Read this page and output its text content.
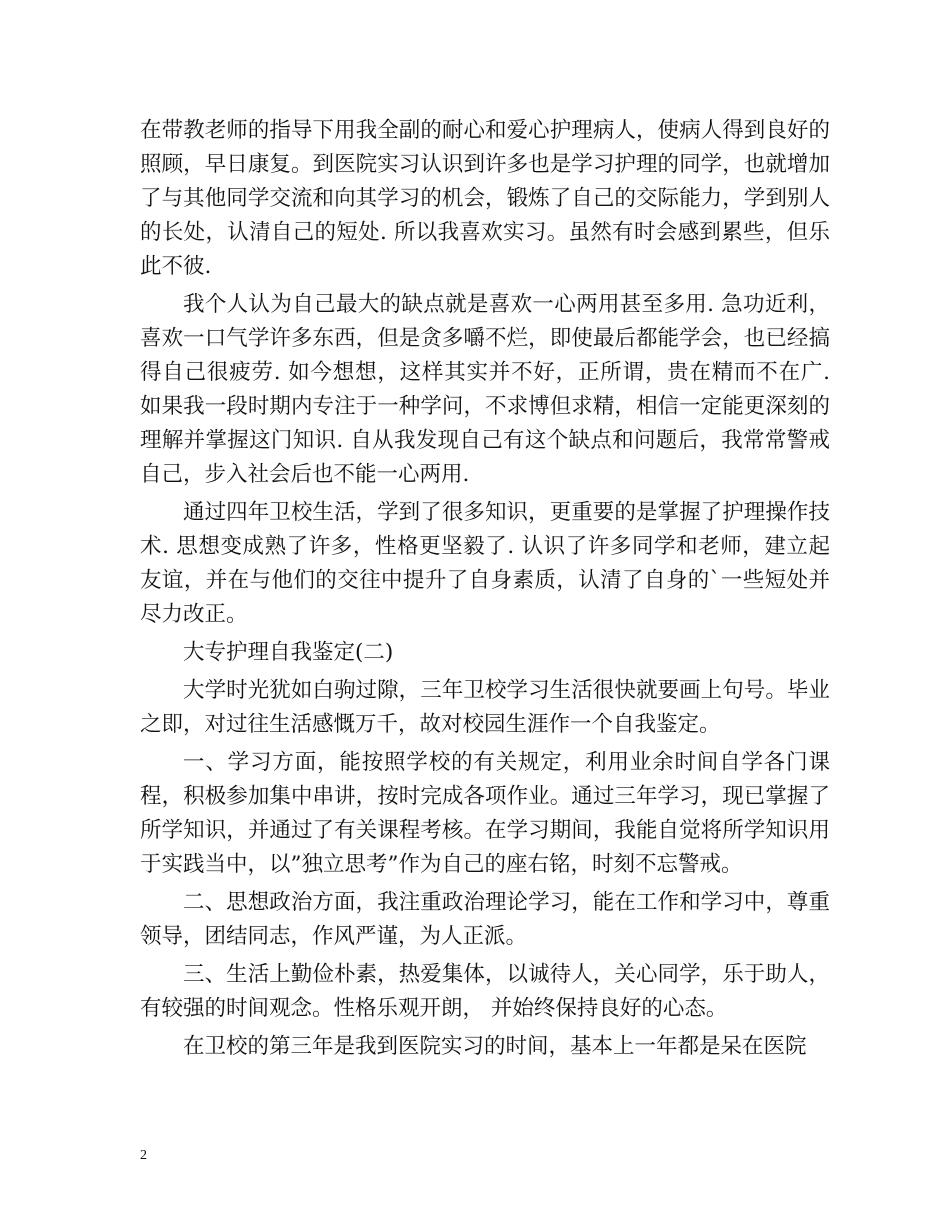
在带教老师的指导下用我全副的耐心和爱心护理病人，使病人得到良好的照顾，早日康复。到医院实习认识到许多也是学习护理的同学，也就增加了与其他同学交流和向其学习的机会，锻炼了自己的交际能力，学到别人的长处，认清自己的短处. 所以我喜欢实习。虽然有时会感到累些，但乐此不彼.

我个人认为自己最大的缺点就是喜欢一心两用甚至多用. 急功近利，喜欢一口气学许多东西，但是贪多嚼不烂，即使最后都能学会，也已经搞得自己很疲劳. 如今想想，这样其实并不好，正所谓，贵在精而不在广. 如果我一段时期内专注于一种学问，不求博但求精，相信一定能更深刻的理解并掌握这门知识. 自从我发现自己有这个缺点和问题后，我常常警戒自己，步入社会后也不能一心两用.

通过四年卫校生活，学到了很多知识，更重要的是掌握了护理操作技术. 思想变成熟了许多，性格更坚毅了. 认识了许多同学和老师，建立起友谊，并在与他们的交往中提升了自身素质，认清了自身的`一些短处并尽力改正。

大专护理自我鉴定(二)

大学时光犹如白驹过隙，三年卫校学习生活很快就要画上句号。毕业之即，对过往生活感慨万千，故对校园生涯作一个自我鉴定。

一、学习方面，能按照学校的有关规定，利用业余时间自学各门课程，积极参加集中串讲，按时完成各项作业。通过三年学习，现已掌握了所学知识，并通过了有关课程考核。在学习期间，我能自觉将所学知识用于实践当中，以”独立思考”作为自己的座右铭，时刻不忘警戒。

二、思想政治方面，我注重政治理论学习，能在工作和学习中，尊重领导，团结同志，作风严谨，为人正派。

三、生活上勤俭朴素，热爱集体，以诚待人，关心同学，乐于助人，有较强的时间观念。性格乐观开朗， 并始终保持良好的心态。

在卫校的第三年是我到医院实习的时间，基本上一年都是呆在医院

2
